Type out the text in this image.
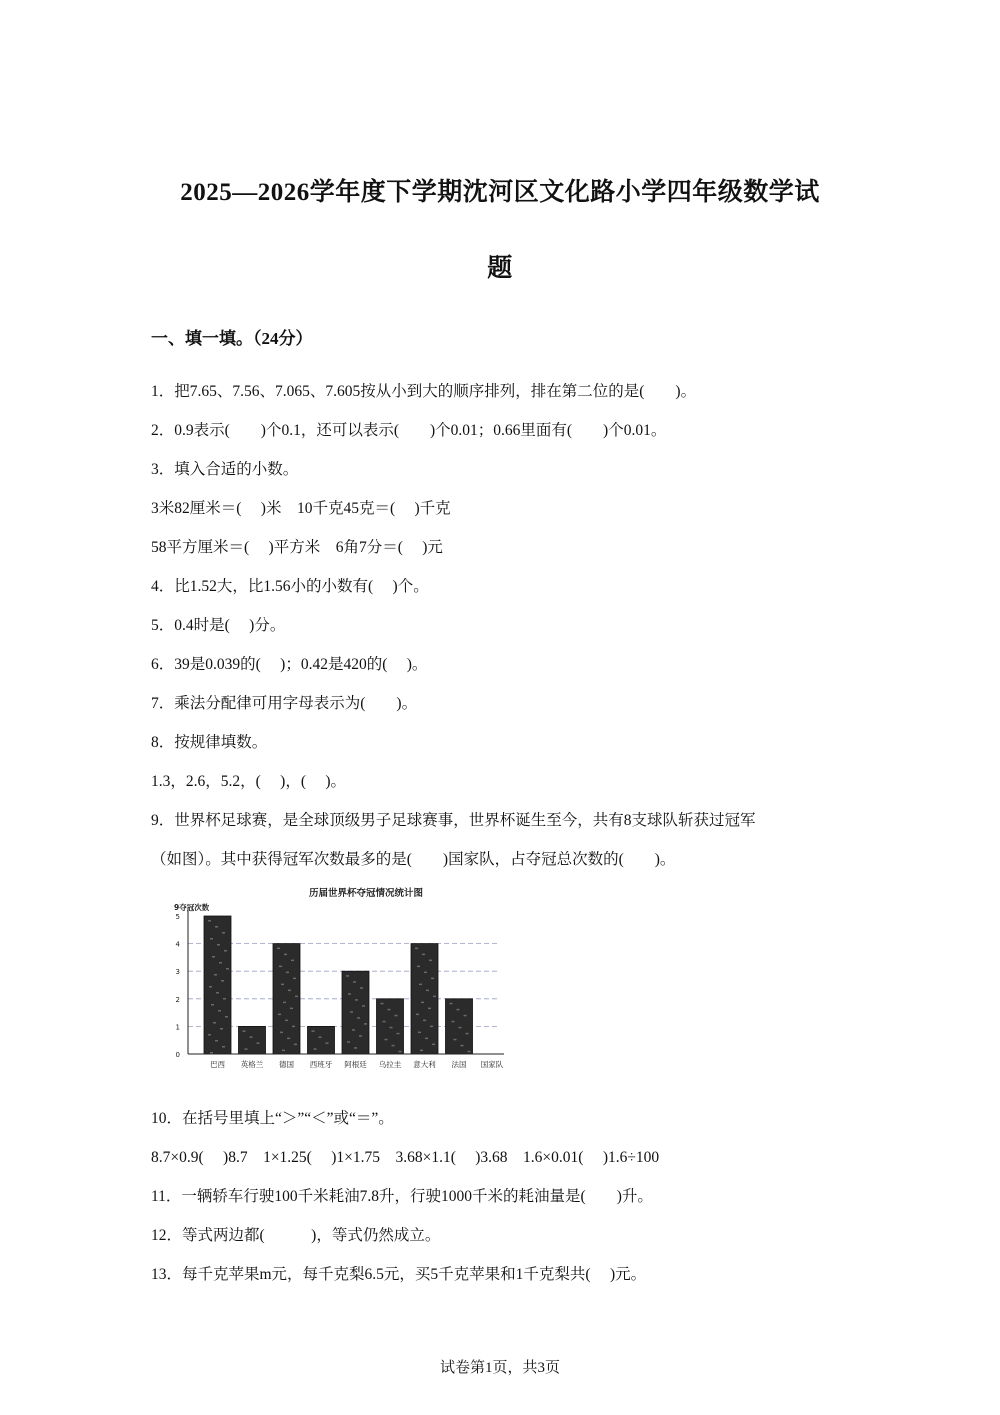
2025—2026学年度下学期沈河区文化路小学四年级数学试
题
一、填一填。（24分）
1．把7.65、7.56、7.065、7.605按从小到大的顺序排列，排在第二位的是(　　)。
2．0.9表示(　　)个0.1，还可以表示(　　)个0.01；0.66里面有(　　)个0.01。
3．填入合适的小数。
3米82厘米＝(　 )米　10千克45克＝(　 )千克
58平方厘米＝(　 )平方米　6角7分＝(　 )元
4．比1.52大，比1.56小的小数有(　 )个。
5．0.4时是(　 )分。
6．39是0.039的(　 )；0.42是420的(　 )。
7．乘法分配律可用字母表示为(　　)。
8．按规律填数。
1.3，2.6，5.2，(　 )，(　 )。
9．世界杯足球赛，是全球顶级男子足球赛事，世界杯诞生至今，共有8支球队斩获过冠军
（如图）。其中获得冠军次数最多的是(　　)国家队，占夺冠总次数的(　　)。
历届世界杯夺冠情况统计图
9夺冠次数
0
1
2
3
4
5
巴西 英格兰 德国 西班牙 阿根廷 乌拉圭 意大利 法国 国家队
10．在括号里填上“＞”“＜”或“＝”。
8.7×0.9(　 )8.7　1×1.25(　 )1×1.75　3.68×1.1(　 )3.68　1.6×0.01(　 )1.6÷100
11．一辆轿车行驶100千米耗油7.8升，行驶1000千米的耗油量是(　　)升。
12．等式两边都(　　　)，等式仍然成立。
13．每千克苹果m元，每千克梨6.5元，买5千克苹果和1千克梨共(　 )元。
试卷第1页，共3页
